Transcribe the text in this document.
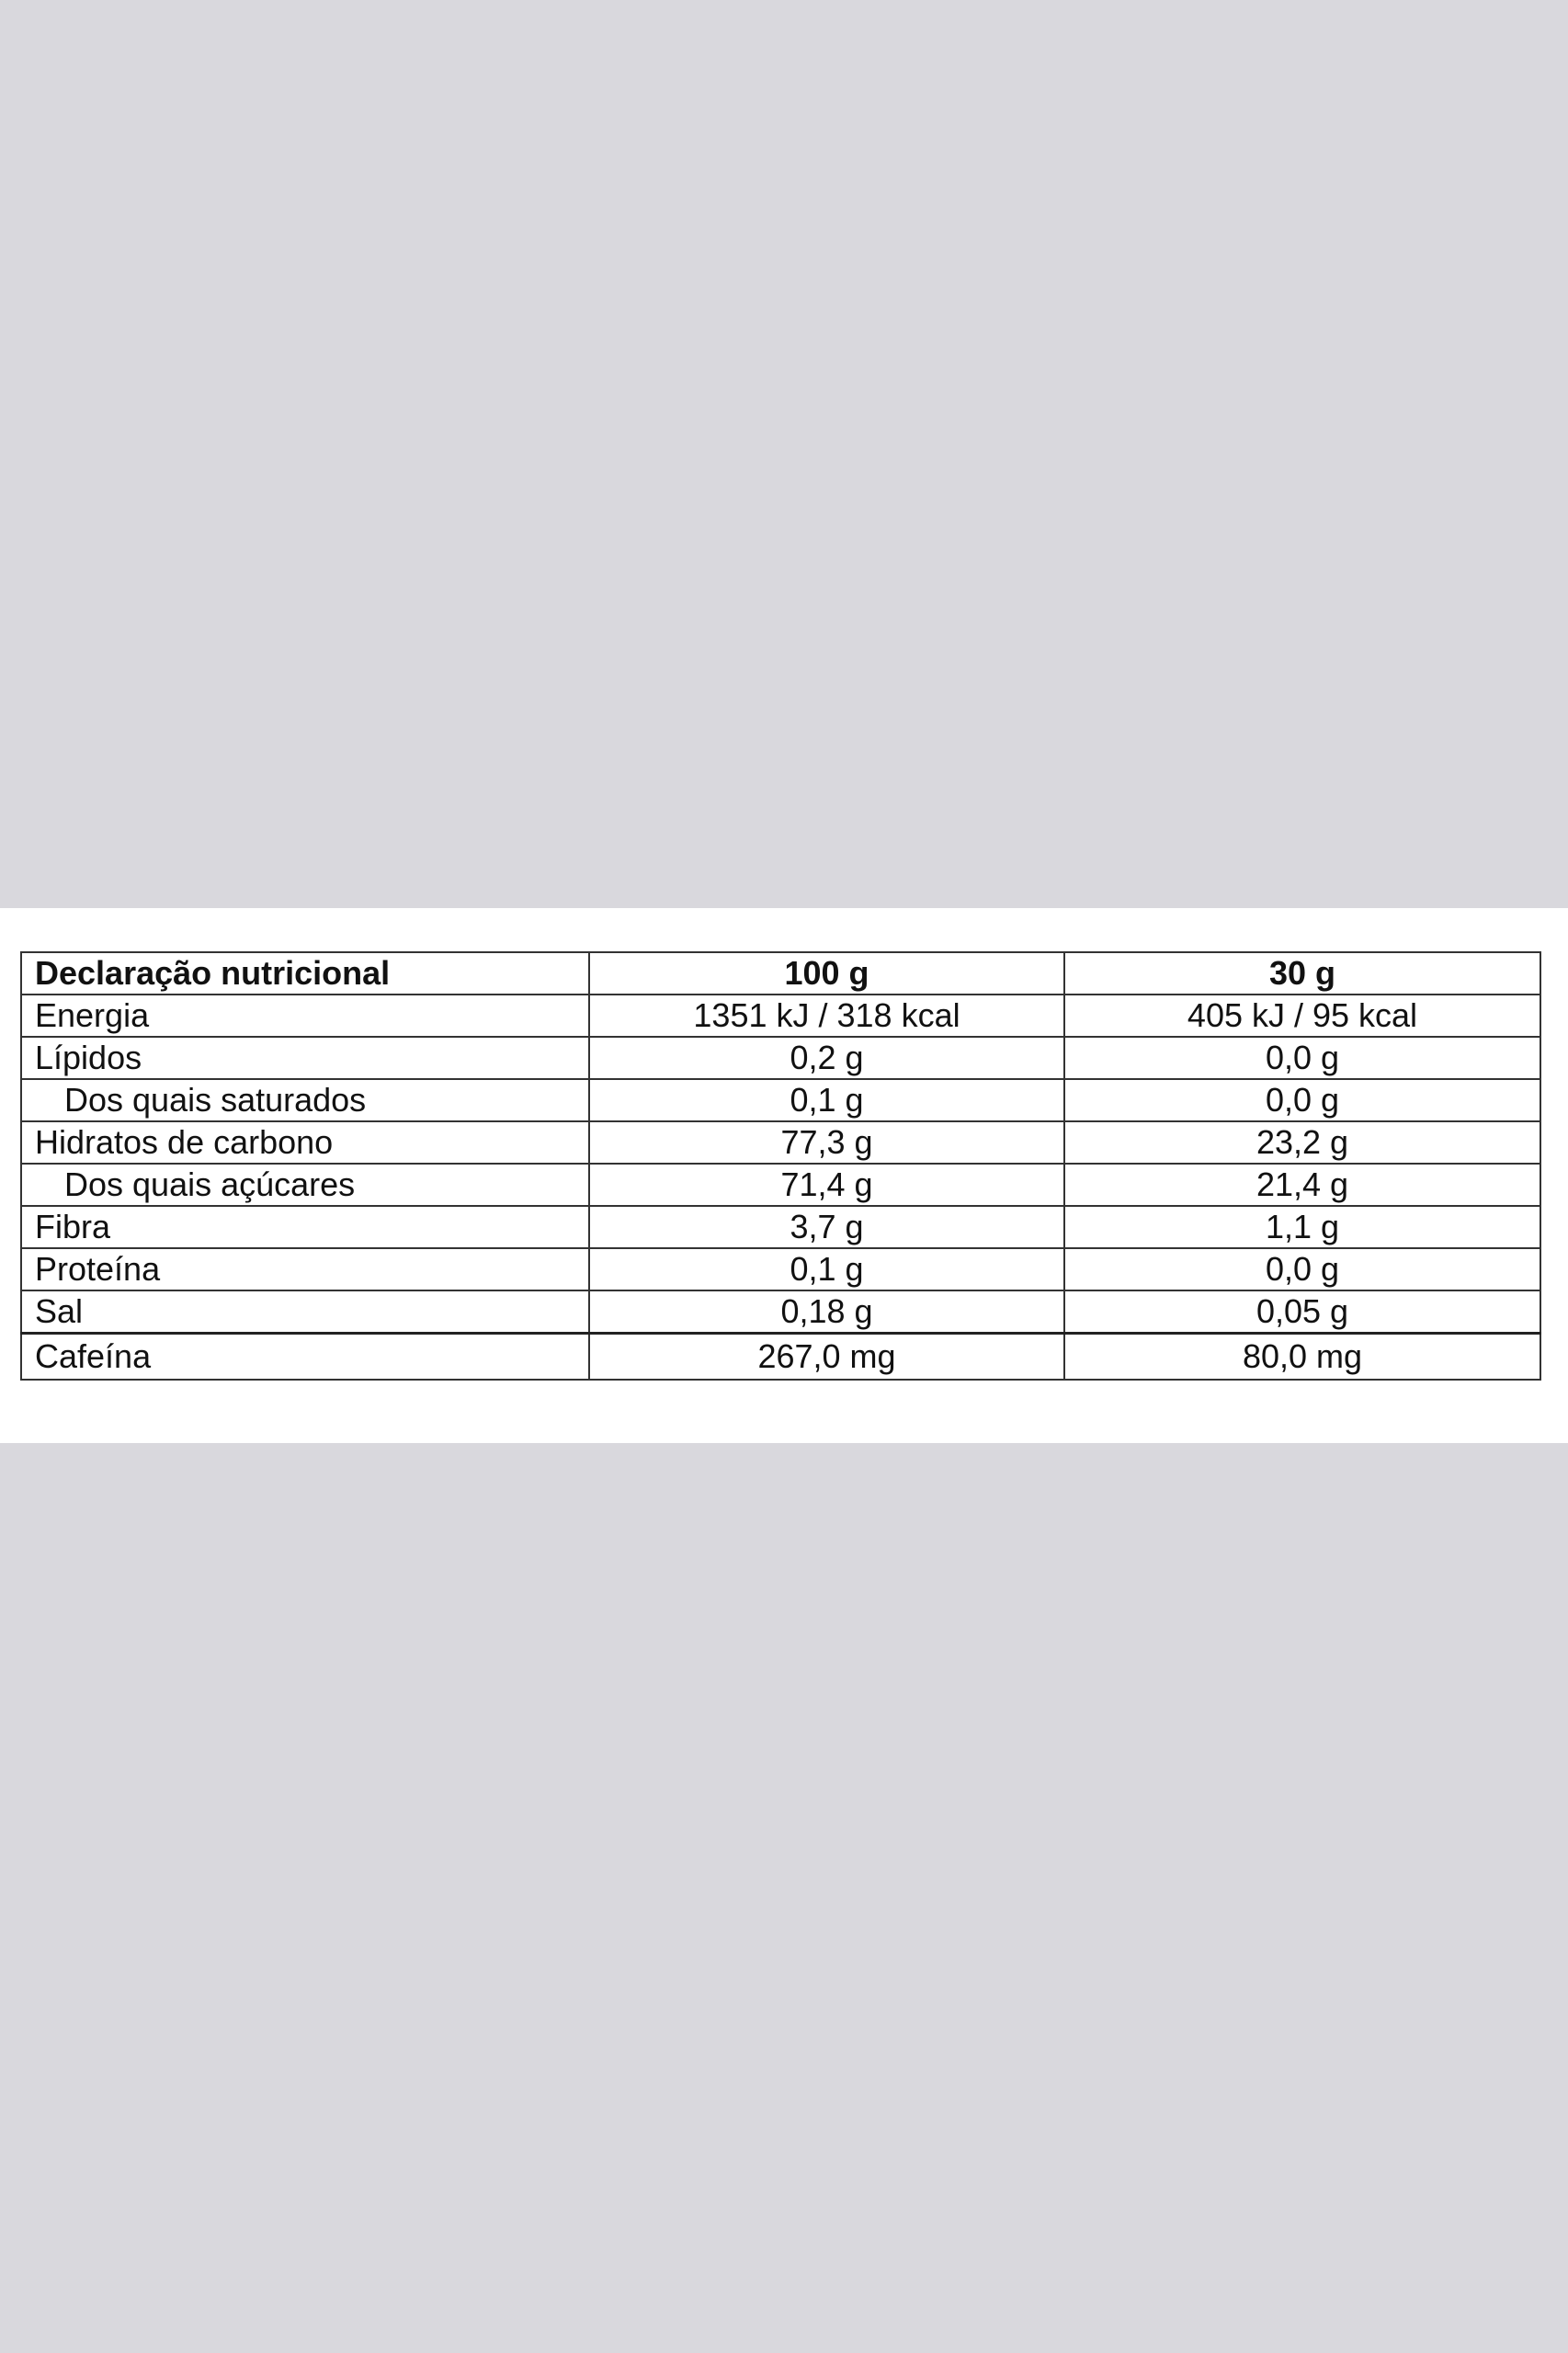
Declaração nutricional	100 g	30 g
Energia	1351 kJ / 318 kcal	405 kJ / 95 kcal
Lípidos	0,2 g	0,0 g
Dos quais saturados	0,1 g	0,0 g
Hidratos de carbono	77,3 g	23,2 g
Dos quais açúcares	71,4 g	21,4 g
Fibra	3,7 g	1,1 g
Proteína	0,1 g	0,0 g
Sal	0,18 g	0,05 g
Cafeína	267,0 mg	80,0 mg
